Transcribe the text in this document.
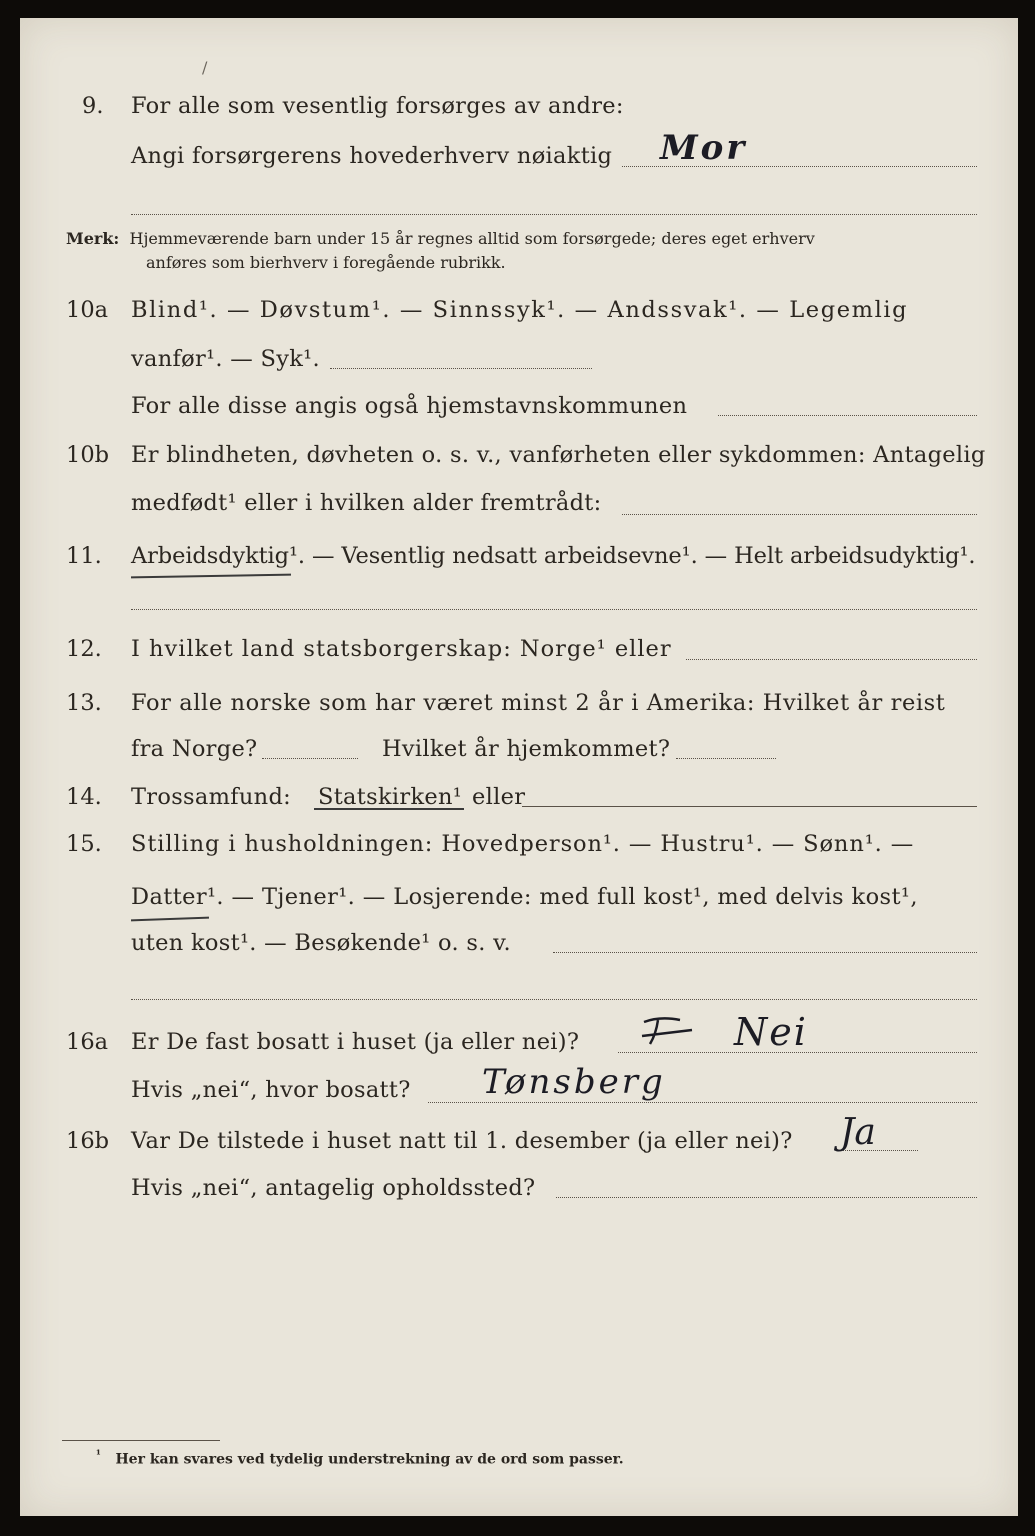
/
9. For alle som vesentlig forsørges av andre:
Angi forsørgerens hovederhverv nøiaktig Mor
Merk: Hjemmeværende barn under 15 år regnes alltid som forsørgede; deres eget erhverv
anføres som bierhverv i foregående rubrikk.
10a Blind¹. — Døvstum¹. — Sinnssyk¹. — Andssvak¹. — Legemlig
vanfør¹. — Syk¹.
For alle disse angis også hjemstavnskommunen
10b Er blindheten, døvheten o. s. v., vanførheten eller sykdommen: Antagelig
medfødt¹ eller i hvilken alder fremtrådt:
11. Arbeidsdyktig¹. — Vesentlig nedsatt arbeidsevne¹. — Helt arbeidsudyktig¹.
12. I hvilket land statsborgerskap: Norge¹ eller
13. For alle norske som har været minst 2 år i Amerika: Hvilket år reist
fra Norge?	Hvilket år hjemkommet?
14. Trossamfund: Statskirken¹ eller
15. Stilling i husholdningen: Hovedperson¹. — Hustru¹. — Sønn¹. —
Datter¹. — Tjener¹. — Losjerende: med full kost¹, med delvis kost¹,
uten kost¹. — Besøkende¹ o. s. v.
16a Er De fast bosatt i huset (ja eller nei)?	Nei
Hvis „nei“, hvor bosatt? Tønsberg
16b Var De tilstede i huset natt til 1. desember (ja eller nei)? Ja
Hvis „nei“, antagelig opholdssted?
$^{^1}$ Her kan svares ved tydelig understrekning av de ord som passer.
